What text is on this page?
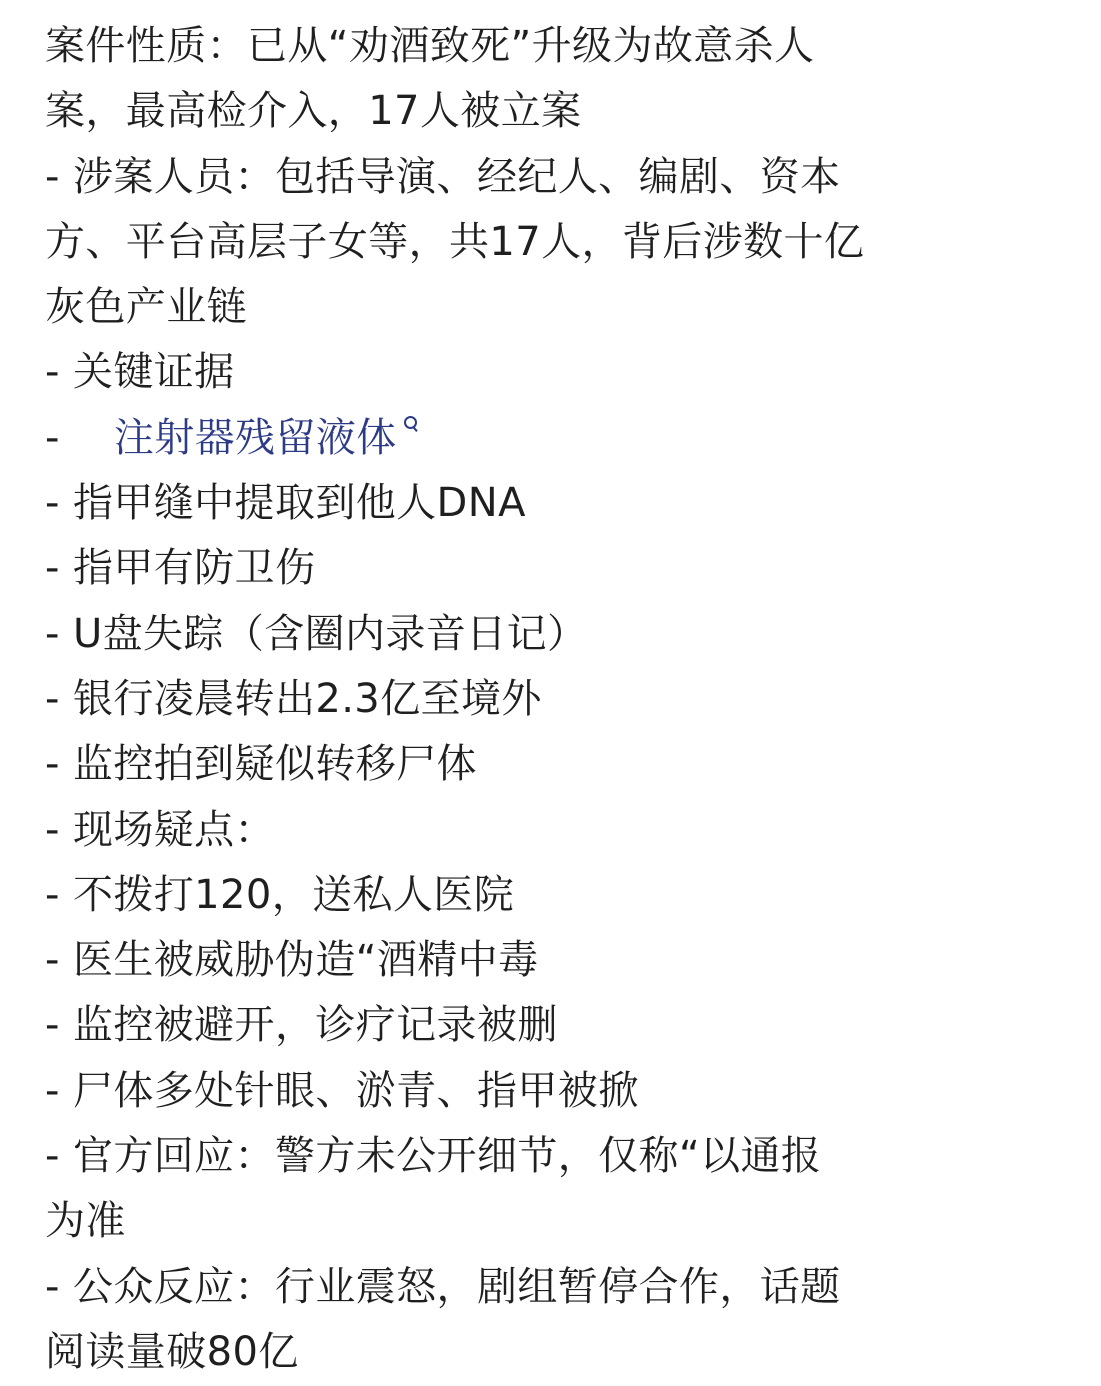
案件性质：已从“劝酒致死”升级为故意杀人
案，最高检介入，17人被立案
- 涉案人员：包括导演、经纪人、编剧、资本
方、平台高层子女等，共17人，背后涉数十亿
灰色产业链
- 关键证据
- 注射器残留液体
- 指甲缝中提取到他人DNA
- 指甲有防卫伤
- U盘失踪（含圈内录音日记）
- 银行凌晨转出2.3亿至境外
- 监控拍到疑似转移尸体
- 现场疑点：
- 不拨打120，送私人医院
- 医生被威胁伪造“酒精中毒
- 监控被避开，诊疗记录被删
- 尸体多处针眼、淤青、指甲被掀
- 官方回应：警方未公开细节，仅称“以通报
为准
- 公众反应：行业震怒，剧组暂停合作，话题
阅读量破80亿
